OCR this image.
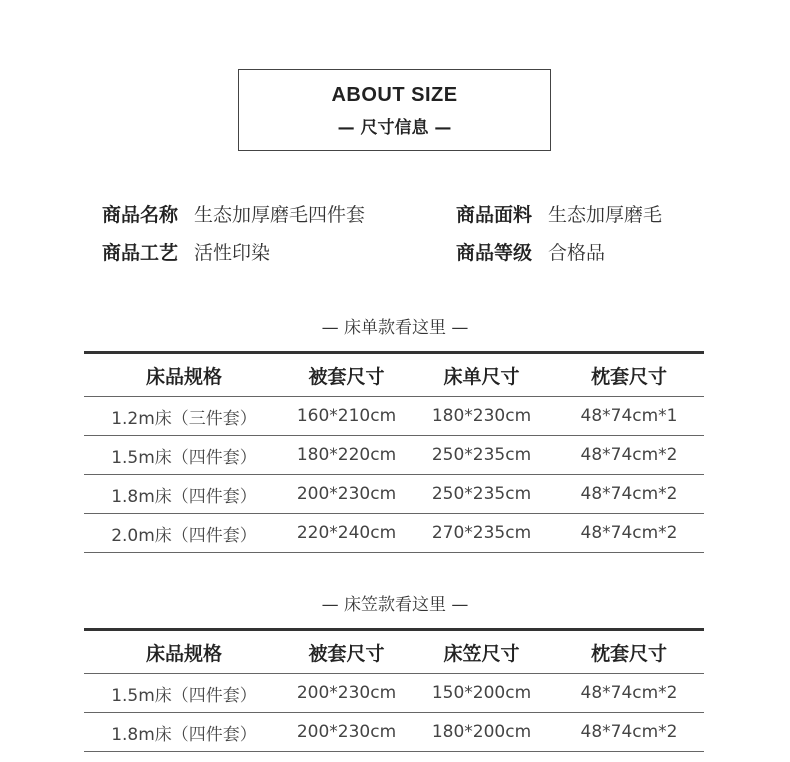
ABOUT SIZE
— 尺寸信息 —
商品名称 生态加厚磨毛四件套	商品面料 生态加厚磨毛
商品工艺 活性印染	商品等级 合格品
— 床单款看这里 —
床品规格	被套尺寸	床单尺寸	枕套尺寸
1.2m床（三件套）	160*210cm	180*230cm	48*74cm*1
1.5m床（四件套）	180*220cm	250*235cm	48*74cm*2
1.8m床（四件套）	200*230cm	250*235cm	48*74cm*2
2.0m床（四件套）	220*240cm	270*235cm	48*74cm*2
— 床笠款看这里 —
床品规格	被套尺寸	床笠尺寸	枕套尺寸
1.5m床（四件套）	200*230cm	150*200cm	48*74cm*2
1.8m床（四件套）	200*230cm	180*200cm	48*74cm*2
